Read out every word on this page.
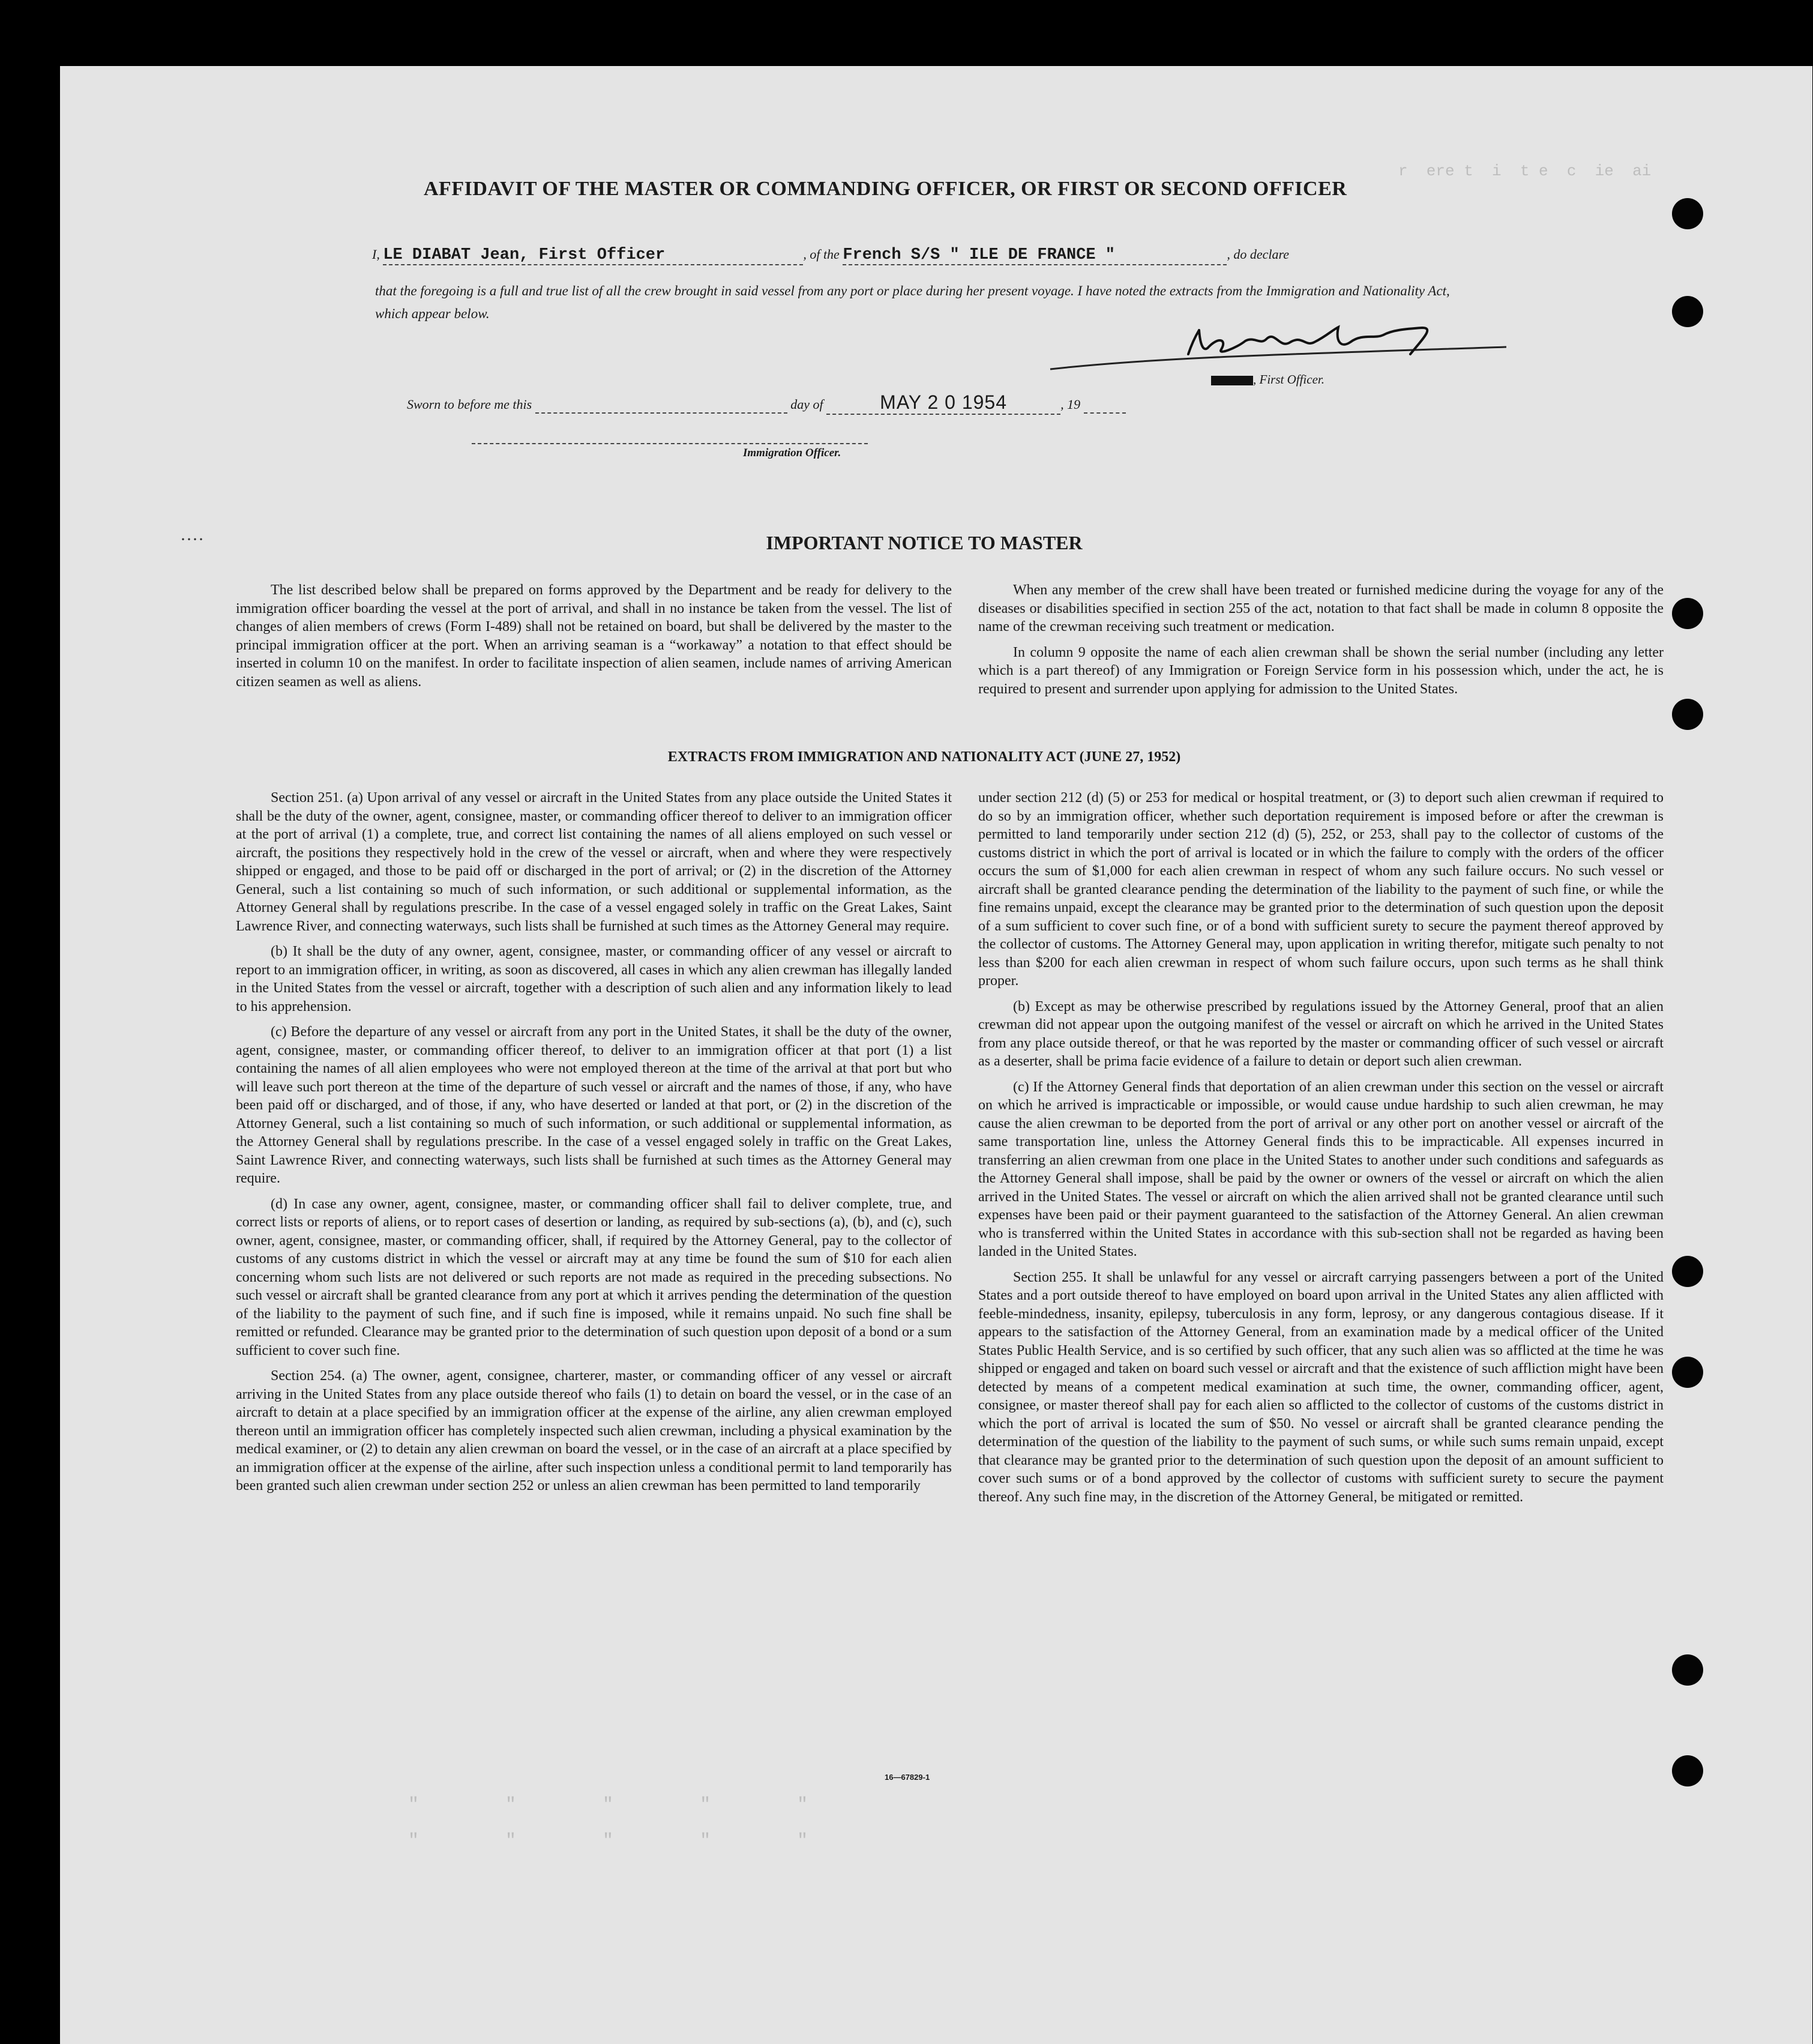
r  ere t  i  t e  c  ie  ai
····
AFFIDAVIT OF THE MASTER OR COMMANDING OFFICER, OR FIRST OR SECOND OFFICER
I, LE DIABAT Jean, First Officer	, of the French S/S " ILE DE FRANCE "	, do declare
that the foregoing is a full and true list of all the crew brought in said vessel from any port or place during her present voyage. I have noted the extracts from the Immigration and Nationality Act, which appear below.
, First Officer.
Sworn to before me this	day of	MAY 2 0 1954	, 19
Immigration Officer.
IMPORTANT NOTICE TO MASTER

The list described below shall be prepared on forms approved by the Department and be ready for delivery to the immigration officer boarding the vessel at the port of arrival, and shall in no instance be taken from the vessel. The list of changes of alien members of crews (Form I-489) shall not be retained on board, but shall be delivered by the master to the principal immigration officer at the port. When an arriving seaman is a “workaway” a notation to that effect should be inserted in column 10 on the manifest. In order to facilitate inspection of alien seamen, include names of arriving American citizen seamen as well as aliens.

When any member of the crew shall have been treated or furnished medicine during the voyage for any of the diseases or disabilities specified in section 255 of the act, notation to that fact shall be made in column 8 opposite the name of the crewman receiving such treatment or medication.

In column 9 opposite the name of each alien crewman shall be shown the serial number (including any letter which is a part thereof) of any Immigration or Foreign Service form in his possession which, under the act, he is required to present and surrender upon applying for admission to the United States.

EXTRACTS FROM IMMIGRATION AND NATIONALITY ACT (JUNE 27, 1952)

Section 251. (a) Upon arrival of any vessel or aircraft in the United States from any place outside the United States it shall be the duty of the owner, agent, consignee, master, or commanding officer thereof to deliver to an immigration officer at the port of arrival (1) a complete, true, and correct list containing the names of all aliens employed on such vessel or aircraft, the positions they respectively hold in the crew of the vessel or aircraft, when and where they were respectively shipped or engaged, and those to be paid off or discharged in the port of arrival; or (2) in the discretion of the Attorney General, such a list containing so much of such information, or such additional or supplemental information, as the Attorney General shall by regulations prescribe. In the case of a vessel engaged solely in traffic on the Great Lakes, Saint Lawrence River, and connecting waterways, such lists shall be furnished at such times as the Attorney General may require.

(b) It shall be the duty of any owner, agent, consignee, master, or commanding officer of any vessel or aircraft to report to an immigration officer, in writing, as soon as discovered, all cases in which any alien crewman has illegally landed in the United States from the vessel or aircraft, together with a description of such alien and any information likely to lead to his apprehension.

(c) Before the departure of any vessel or aircraft from any port in the United States, it shall be the duty of the owner, agent, consignee, master, or commanding officer thereof, to deliver to an immigration officer at that port (1) a list containing the names of all alien employees who were not employed thereon at the time of the arrival at that port but who will leave such port thereon at the time of the departure of such vessel or aircraft and the names of those, if any, who have been paid off or discharged, and of those, if any, who have deserted or landed at that port, or (2) in the discretion of the Attorney General, such a list containing so much of such information, or such additional or supplemental information, as the Attorney General shall by regulations prescribe. In the case of a vessel engaged solely in traffic on the Great Lakes, Saint Lawrence River, and connecting waterways, such lists shall be furnished at such times as the Attorney General may require.

(d) In case any owner, agent, consignee, master, or commanding officer shall fail to deliver complete, true, and correct lists or reports of aliens, or to report cases of desertion or landing, as required by sub-sections (a), (b), and (c), such owner, agent, consignee, master, or commanding officer, shall, if required by the Attorney General, pay to the collector of customs of any customs district in which the vessel or aircraft may at any time be found the sum of $10 for each alien concerning whom such lists are not delivered or such reports are not made as required in the preceding subsections. No such vessel or aircraft shall be granted clearance from any port at which it arrives pending the determination of the question of the liability to the payment of such fine, and if such fine is imposed, while it remains unpaid. No such fine shall be remitted or refunded. Clearance may be granted prior to the determination of such question upon deposit of a bond or a sum sufficient to cover such fine.

Section 254. (a) The owner, agent, consignee, charterer, master, or commanding officer of any vessel or aircraft arriving in the United States from any place outside thereof who fails (1) to detain on board the vessel, or in the case of an aircraft to detain at a place specified by an immigration officer at the expense of the airline, any alien crewman employed thereon until an immigration officer has completely inspected such alien crewman, including a physical examination by the medical examiner, or (2) to detain any alien crewman on board the vessel, or in the case of an aircraft at a place specified by an immigration officer at the expense of the airline, after such inspection unless a conditional permit to land temporarily has been granted such alien crewman under section 252 or unless an alien crewman has been permitted to land temporarily

under section 212 (d) (5) or 253 for medical or hospital treatment, or (3) to deport such alien crewman if required to do so by an immigration officer, whether such deportation requirement is imposed before or after the crewman is permitted to land temporarily under section 212 (d) (5), 252, or 253, shall pay to the collector of customs of the customs district in which the port of arrival is located or in which the failure to comply with the orders of the officer occurs the sum of $1,000 for each alien crewman in respect of whom any such failure occurs. No such vessel or aircraft shall be granted clearance pending the determination of the liability to the payment of such fine, or while the fine remains unpaid, except the clearance may be granted prior to the determination of such question upon the deposit of a sum sufficient to cover such fine, or of a bond with sufficient surety to secure the payment thereof approved by the collector of customs. The Attorney General may, upon application in writing therefor, mitigate such penalty to not less than $200 for each alien crewman in respect of whom such failure occurs, upon such terms as he shall think proper.

(b) Except as may be otherwise prescribed by regulations issued by the Attorney General, proof that an alien crewman did not appear upon the outgoing manifest of the vessel or aircraft on which he arrived in the United States from any place outside thereof, or that he was reported by the master or commanding officer of such vessel or aircraft as a deserter, shall be prima facie evidence of a failure to detain or deport such alien crewman.

(c) If the Attorney General finds that deportation of an alien crewman under this section on the vessel or aircraft on which he arrived is impracticable or impossible, or would cause undue hardship to such alien crewman, he may cause the alien crewman to be deported from the port of arrival or any other port on another vessel or aircraft of the same transportation line, unless the Attorney General finds this to be impracticable. All expenses incurred in transferring an alien crewman from one place in the United States to another under such conditions and safeguards as the Attorney General shall impose, shall be paid by the owner or owners of the vessel or aircraft on which the alien arrived in the United States. The vessel or aircraft on which the alien arrived shall not be granted clearance until such expenses have been paid or their payment guaranteed to the satisfaction of the Attorney General. An alien crewman who is transferred within the United States in accordance with this sub-section shall not be regarded as having been landed in the United States.

Section 255. It shall be unlawful for any vessel or aircraft carrying passengers between a port of the United States and a port outside thereof to have employed on board upon arrival in the United States any alien afflicted with feeble-mindedness, insanity, epilepsy, tuberculosis in any form, leprosy, or any dangerous contagious disease. If it appears to the satisfaction of the Attorney General, from an examination made by a medical officer of the United States Public Health Service, and is so certified by such officer, that any such alien was so afflicted at the time he was shipped or engaged and taken on board such vessel or aircraft and that the existence of such affliction might have been detected by means of a competent medical examination at such time, the owner, commanding officer, agent, consignee, or master thereof shall pay for each alien so afflicted to the collector of customs of the customs district in which the port of arrival is located the sum of $50. No vessel or aircraft shall be granted clearance pending the determination of the question of the liability to the payment of such sums, or while such sums remain unpaid, except that clearance may be granted prior to the determination of such question upon the deposit of an amount sufficient to cover such sums or of a bond approved by the collector of customs with sufficient surety to secure the payment thereof. Any such fine may, in the discretion of the Attorney General, be mitigated or remitted.

16—67829-1
"        "        "        "        "
"        "        "        "        "
